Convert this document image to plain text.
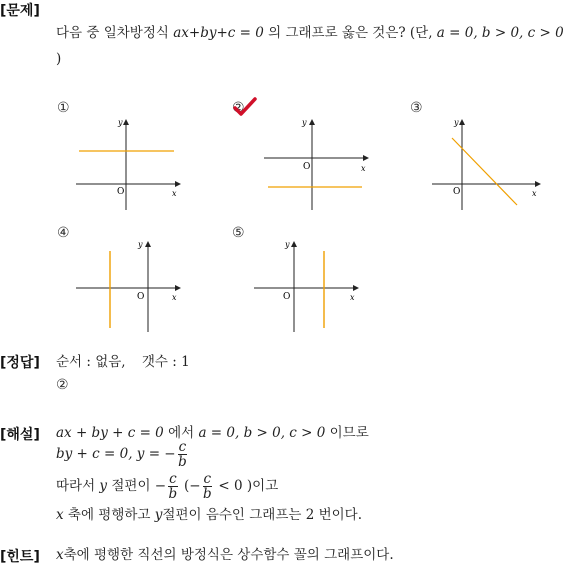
[문제]
다음 중 일차방정식 ax+by+c = 0 의 그래프로 옳은 것은? (단, a = 0, b > 0, c > 0
)
①	②	③
④	⑤
y
x
O
y
x
O
y
x
O
y
x
O
y
x
O
[정답] 순서 : 없음, 갯수 : 1
②
[해설] ax + by + c = 0 에서 a = 0, b > 0, c > 0 이므로
by + c = 0, y = − $\frac{c}{b}$
따라서 y 절편이 − $\frac{c}{b}$ (− $\frac{c}{b} < 0$ )이고
x 축에 평행하고 y절편이 음수인 그래프는 2 번이다.
[힌트] x축에 평행한 직선의 방정식은 상수함수 꼴의 그래프이다.
